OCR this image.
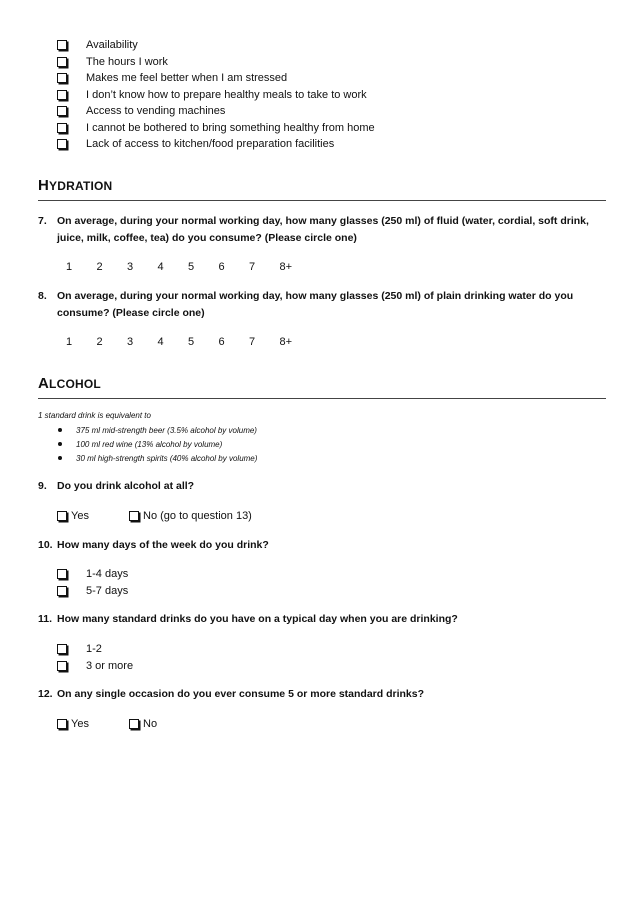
Availability
The hours I work
Makes me feel better when I am stressed
I don’t know how to prepare healthy meals to take to work
Access to vending machines
I cannot be bothered to bring something healthy from home
Lack of access to kitchen/food preparation facilities
HYDRATION
7. On average, during your normal working day, how many glasses (250 ml) of fluid (water, cordial, soft drink, juice, milk, coffee, tea) do you consume? (Please circle one)
1	2	3	4	5	6	7	8+
8. On average, during your normal working day, how many glasses (250 ml) of plain drinking water do you consume? (Please circle one)
1	2	3	4	5	6	7	8+
ALCOHOL
1 standard drink is equivalent to
375 ml mid-strength beer (3.5% alcohol by volume)
100 ml red wine (13% alcohol by volume)
30 ml high-strength spirits (40% alcohol by volume)
9. Do you drink alcohol at all?
Yes	No (go to question 13)
10. How many days of the week do you drink?
1-4 days
5-7 days
11. How many standard drinks do you have on a typical day when you are drinking?
1-2
3 or more
12. On any single occasion do you ever consume 5 or more standard drinks?
Yes	No
